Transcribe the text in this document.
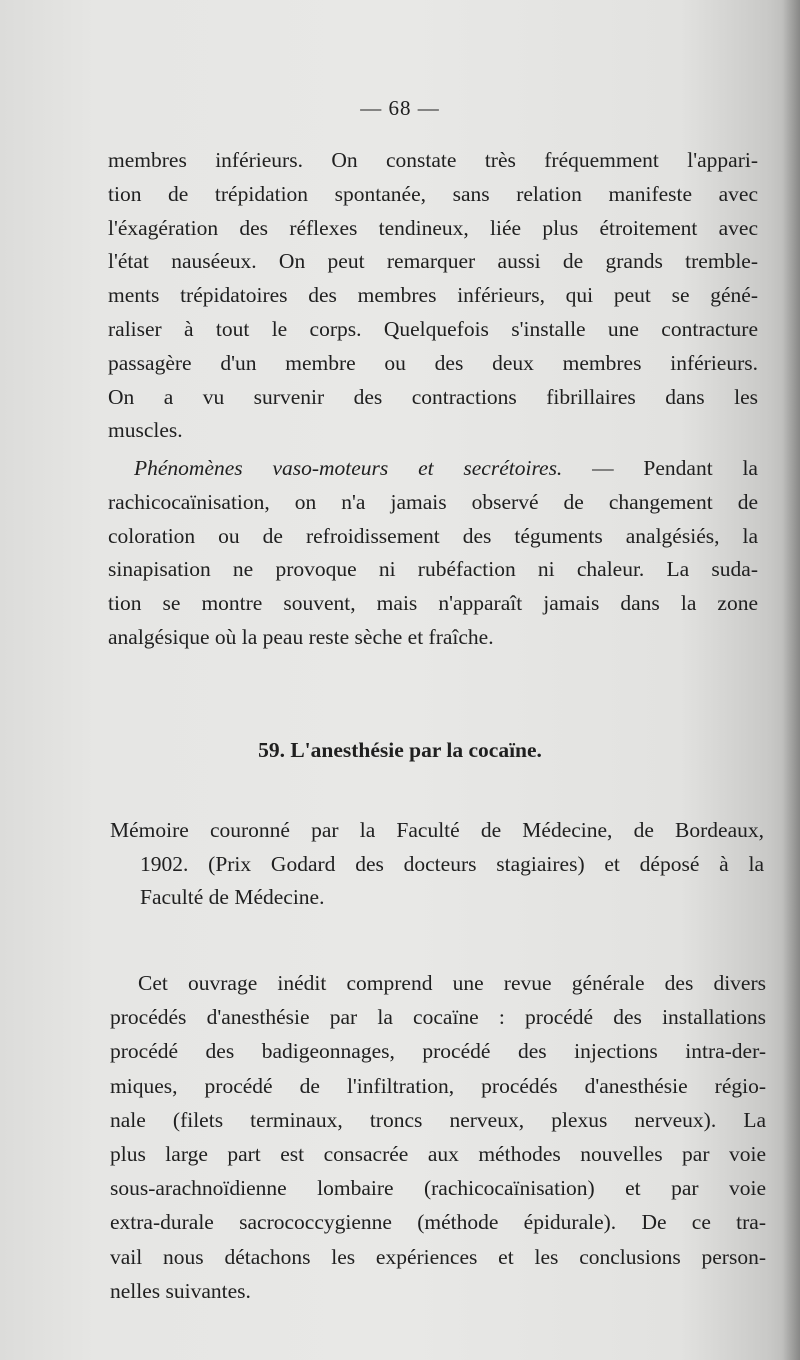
— 68 —
membres inférieurs. On constate très fréquemment l'appari-
tion de trépidation spontanée, sans relation manifeste avec
l'éxagération des réflexes tendineux, liée plus étroitement avec
l'état nauséeux. On peut remarquer aussi de grands tremble-
ments trépidatoires des membres inférieurs, qui peut se géné-
raliser à tout le corps. Quelquefois s'installe une contracture
passagère d'un membre ou des deux membres inférieurs.
On a vu survenir des contractions fibrillaires dans les
muscles.
Phénomènes vaso-moteurs et secrétoires. — Pendant la
rachicocaïnisation, on n'a jamais observé de changement de
coloration ou de refroidissement des téguments analgésiés, la
sinapisation ne provoque ni rubéfaction ni chaleur. La suda-
tion se montre souvent, mais n'apparaît jamais dans la zone
analgésique où la peau reste sèche et fraîche.
59. L'anesthésie par la cocaïne.
Mémoire couronné par la Faculté de Médecine, de Bordeaux,
1902. (Prix Godard des docteurs stagiaires) et déposé à la
Faculté de Médecine.
Cet ouvrage inédit comprend une revue générale des divers
procédés d'anesthésie par la cocaïne : procédé des installations
procédé des badigeonnages, procédé des injections intra-der-
miques, procédé de l'infiltration, procédés d'anesthésie régio-
nale (filets terminaux, troncs nerveux, plexus nerveux). La
plus large part est consacrée aux méthodes nouvelles par voie
sous-arachnoïdienne lombaire (rachicocaïnisation) et par voie
extra-durale sacrococcygienne (méthode épidurale). De ce tra-
vail nous détachons les expériences et les conclusions person-
nelles suivantes.
